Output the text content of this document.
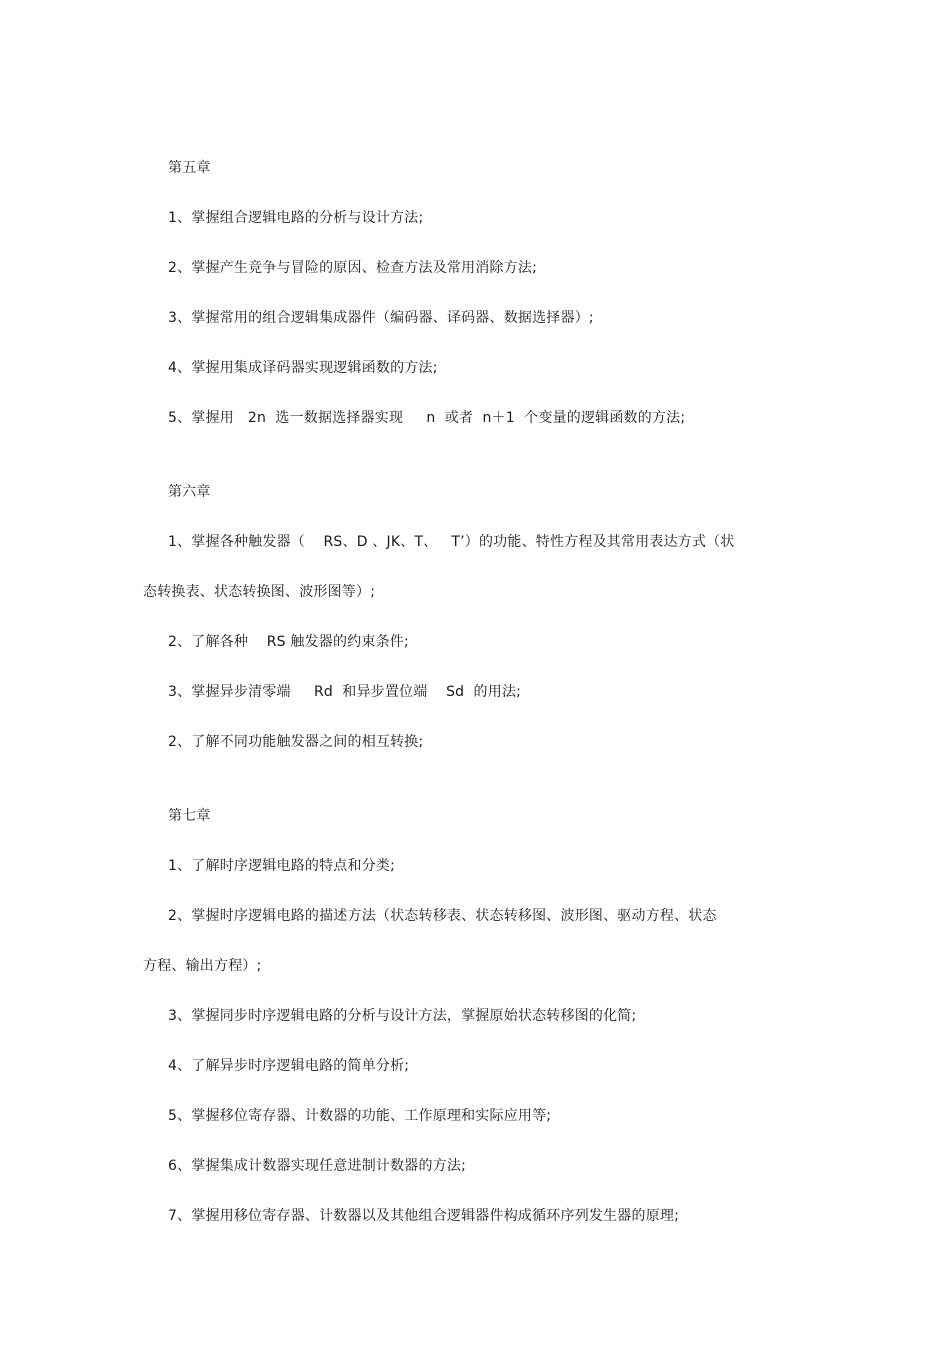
第五章
1、掌握组合逻辑电路的分析与设计方法;
2、掌握产生竞争与冒险的原因、检查方法及常用消除方法;
3、掌握常用的组合逻辑集成器件（编码器、译码器、数据选择器）;
4、掌握用集成译码器实现逻辑函数的方法;
5、掌握用   2n  选一数据选择器实现     n  或者  n＋1  个变量的逻辑函数的方法;
第六章
1、掌握各种触发器（    RS、D 、JK、T、   T’）的功能、特性方程及其常用表达方式（状
态转换表、状态转换图、波形图等）;
2、了解各种    RS 触发器的约束条件;
3、掌握异步清零端     Rd  和异步置位端    Sd  的用法;
2、了解不同功能触发器之间的相互转换;
第七章
1、了解时序逻辑电路的特点和分类;
2、掌握时序逻辑电路的描述方法（状态转移表、状态转移图、波形图、驱动方程、状态
方程、输出方程）;
3、掌握同步时序逻辑电路的分析与设计方法，掌握原始状态转移图的化简;
4、了解异步时序逻辑电路的简单分析;
5、掌握移位寄存器、计数器的功能、工作原理和实际应用等;
6、掌握集成计数器实现任意进制计数器的方法;
7、掌握用移位寄存器、计数器以及其他组合逻辑器件构成循环序列发生器的原理;
